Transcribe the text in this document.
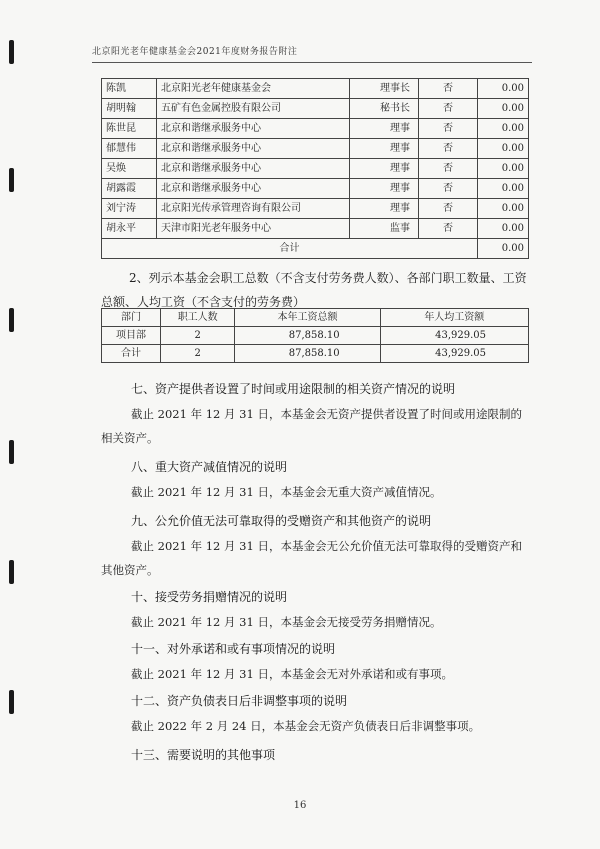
北京阳光老年健康基金会2021年度财务报告附注
陈凯	北京阳光老年健康基金会	理事长	否	0.00
胡明翰	五矿有色金属控股有限公司	秘书长	否	0.00
陈世昆	北京和谐继承服务中心	理事	否	0.00
郁慧伟	北京和谐继承服务中心	理事	否	0.00
吴焕	北京和谐继承服务中心	理事	否	0.00
胡露霞	北京和谐继承服务中心	理事	否	0.00
刘宁涛	北京阳光传承管理咨询有限公司	理事	否	0.00
胡永平	天津市阳光老年服务中心	监事	否	0.00
合计				0.00
2、列示本基金会职工总数（不含支付劳务费人数）、各部门职工数量、工资总额、人均工资（不含支付的劳务费）
部门	职工人数	本年工资总额	年人均工资额
项目部	2	87,858.10	43,929.05
合计	2	87,858.10	43,929.05
七、资产提供者设置了时间或用途限制的相关资产情况的说明
截止 2021 年 12 月 31 日，本基金会无资产提供者设置了时间或用途限制的相关资产。
八、重大资产减值情况的说明
截止 2021 年 12 月 31 日，本基金会无重大资产减值情况。
九、公允价值无法可靠取得的受赠资产和其他资产的说明
截止 2021 年 12 月 31 日，本基金会无公允价值无法可靠取得的受赠资产和其他资产。
十、接受劳务捐赠情况的说明
截止 2021 年 12 月 31 日，本基金会无接受劳务捐赠情况。
十一、对外承诺和或有事项情况的说明
截止 2021 年 12 月 31 日，本基金会无对外承诺和或有事项。
十二、资产负债表日后非调整事项的说明
截止 2022 年 2 月 24 日，本基金会无资产负债表日后非调整事项。
十三、需要说明的其他事项
16
